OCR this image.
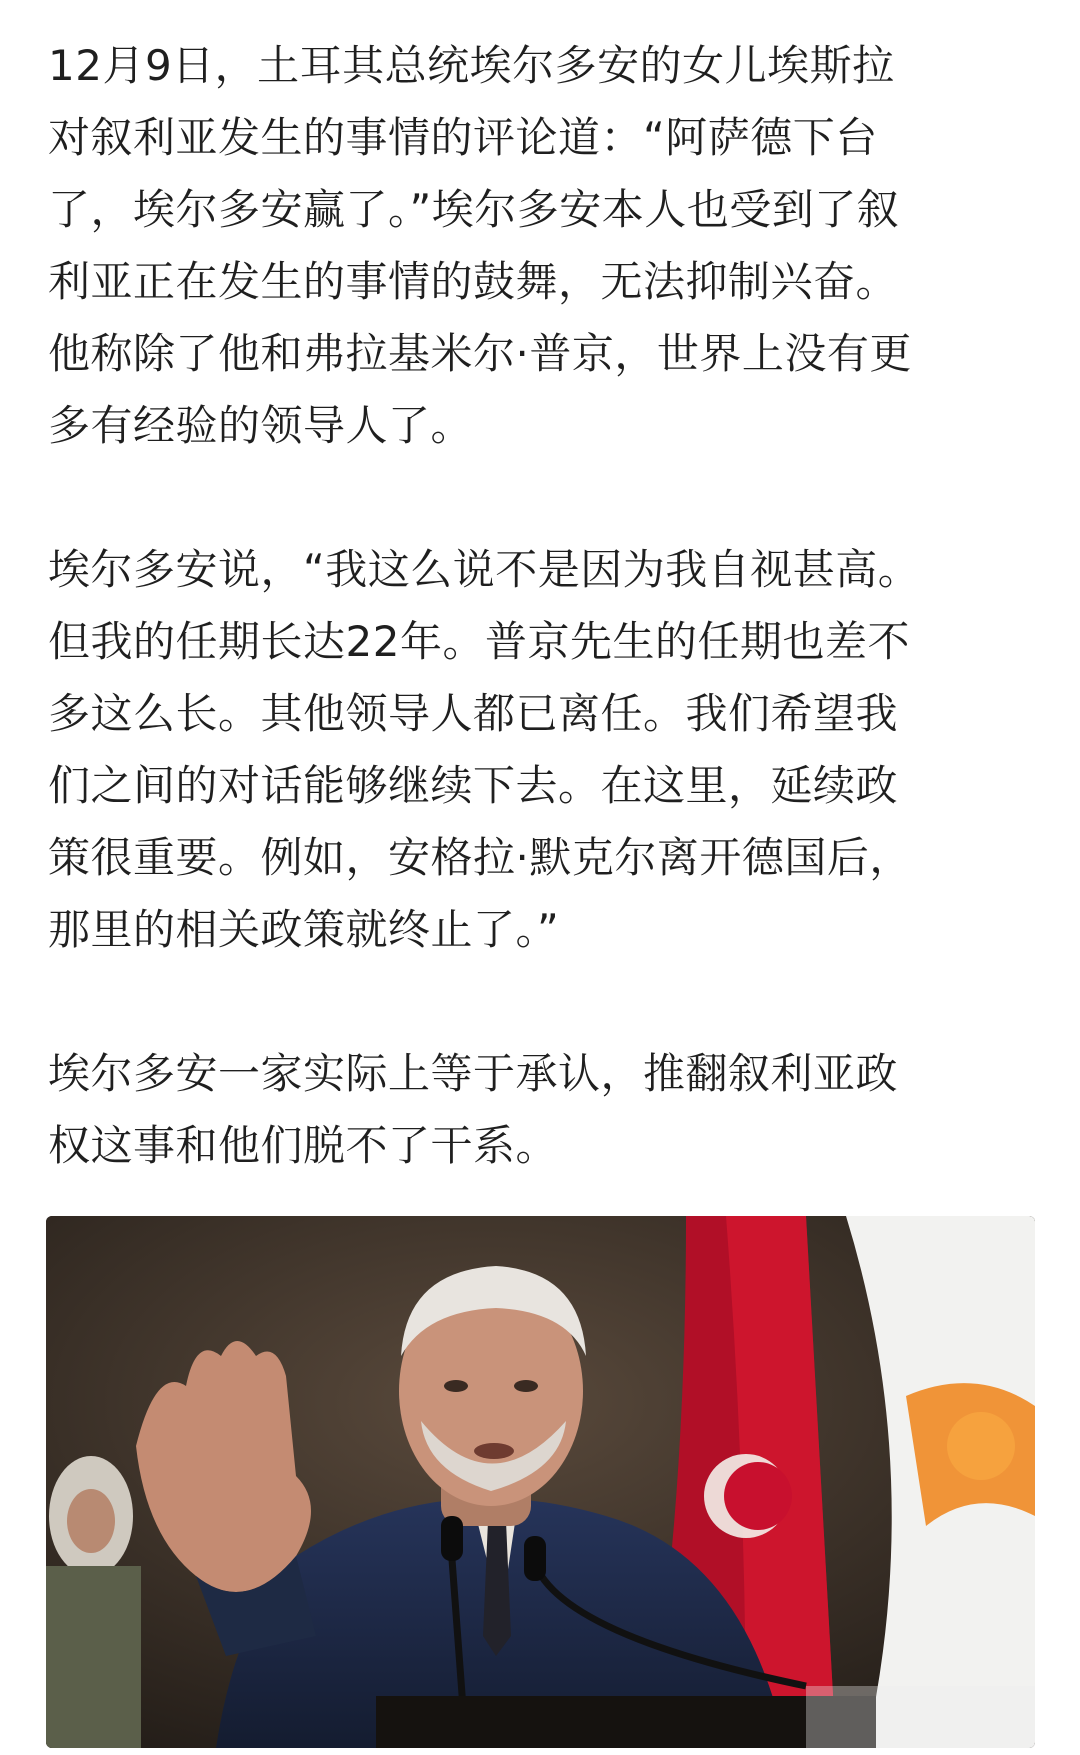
12月9日，土耳其总统埃尔多安的女儿埃斯拉
对叙利亚发生的事情的评论道：“阿萨德下台
了，埃尔多安赢了。”埃尔多安本人也受到了叙
利亚正在发生的事情的鼓舞，无法抑制兴奋。
他称除了他和弗拉基米尔·普京，世界上没有更
多有经验的领导人了。

埃尔多安说，“我这么说不是因为我自视甚高。
但我的任期长达22年。普京先生的任期也差不
多这么长。其他领导人都已离任。我们希望我
们之间的对话能够继续下去。在这里，延续政
策很重要。例如，安格拉·默克尔离开德国后，
那里的相关政策就终止了。”

埃尔多安一家实际上等于承认，推翻叙利亚政
权这事和他们脱不了干系。
